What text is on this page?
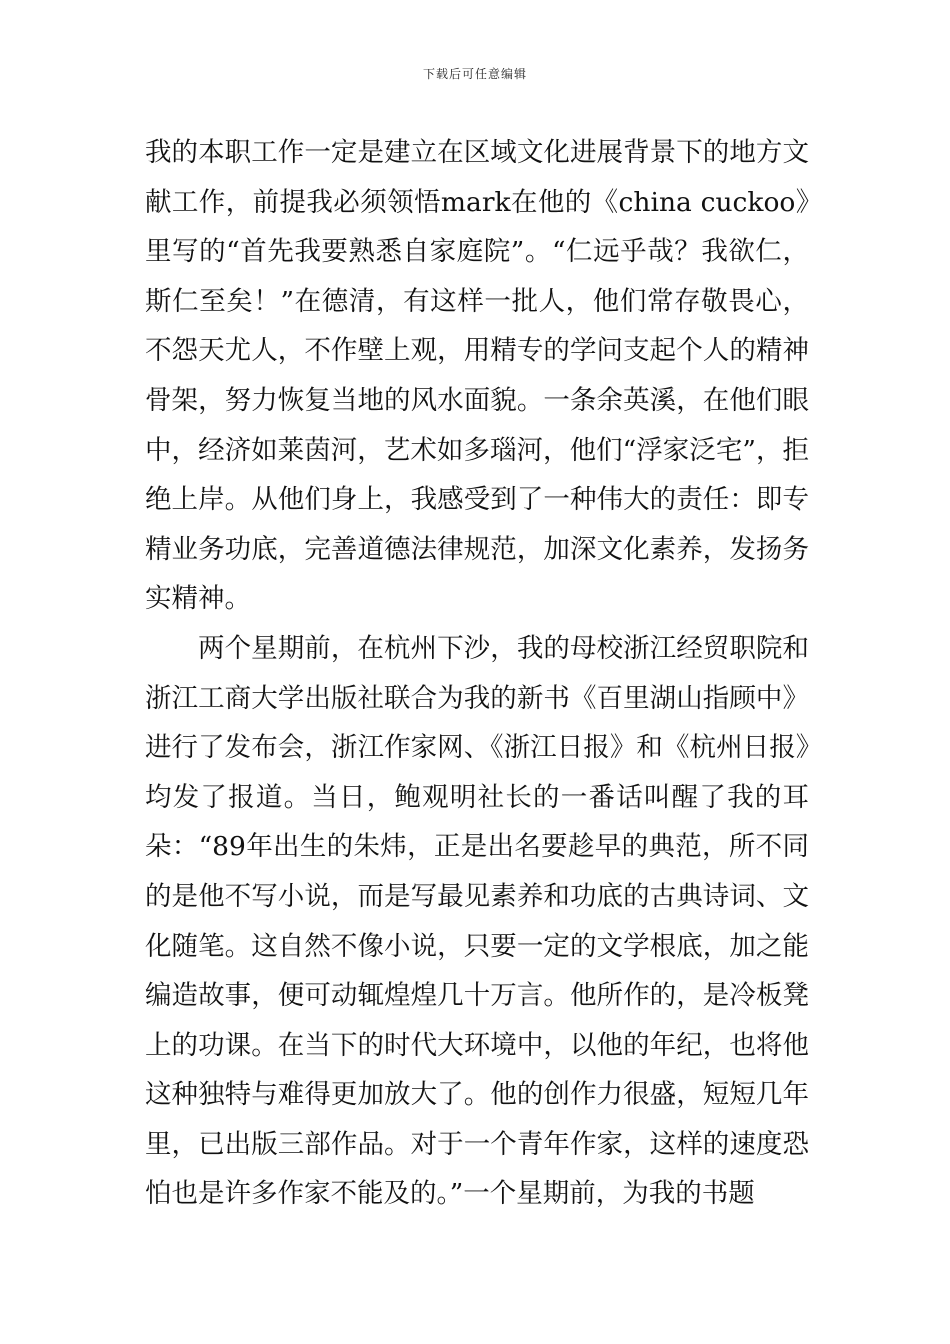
下载后可任意编辑

我的本职工作一定是建立在区域文化进展背景下的地方文献工作，前提我必须领悟mark在他的《china cuckoo》里写的“首先我要熟悉自家庭院”。“仁远乎哉？我欲仁，斯仁至矣！”在德清，有这样一批人，他们常存敬畏心，不怨天尤人，不作壁上观，用精专的学问支起个人的精神骨架，努力恢复当地的风水面貌。一条余英溪，在他们眼中，经济如莱茵河，艺术如多瑙河，他们“浮家泛宅”，拒绝上岸。从他们身上，我感受到了一种伟大的责任：即专精业务功底，完善道德法律规范，加深文化素养，发扬务实精神。

两个星期前，在杭州下沙，我的母校浙江经贸职院和浙江工商大学出版社联合为我的新书《百里湖山指顾中》进行了发布会，浙江作家网、《浙江日报》和《杭州日报》均发了报道。当日，鲍观明社长的一番话叫醒了我的耳朵：“89年出生的朱炜，正是出名要趁早的典范，所不同的是他不写小说，而是写最见素养和功底的古典诗词、文化随笔。这自然不像小说，只要一定的文学根底，加之能编造故事，便可动辄煌煌几十万言。他所作的，是冷板凳上的功课。在当下的时代大环境中，以他的年纪，也将他这种独特与难得更加放大了。他的创作力很盛，短短几年里，已出版三部作品。对于一个青年作家，这样的速度恐怕也是许多作家不能及的。”一个星期前，为我的书题
